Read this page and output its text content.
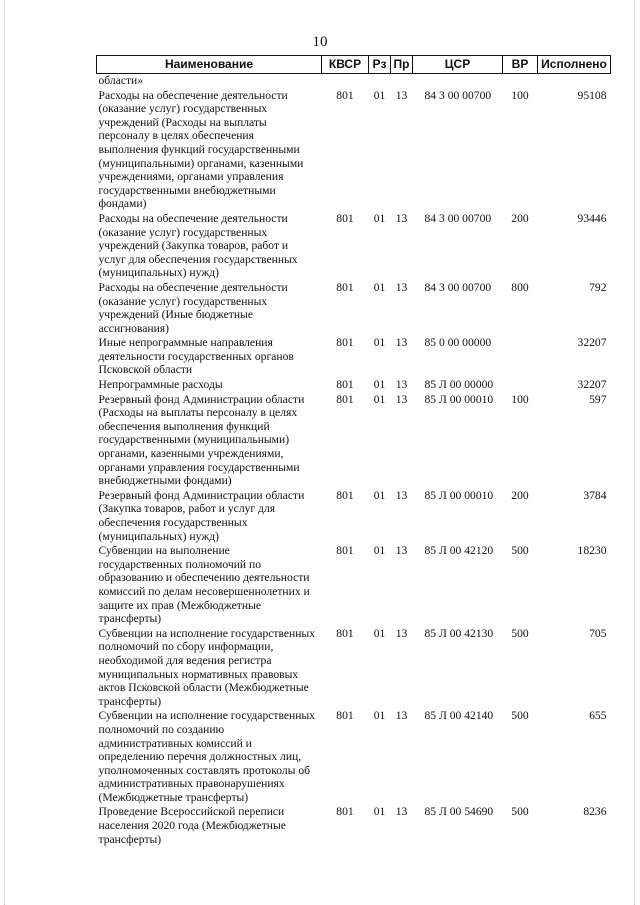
10
Наименование	КВСР	Рз	Пр	ЦСР	ВР	Исполнено
области»						
Расходы на обеспечение деятельности (оказание услуг) государственных учреждений (Расходы на выплаты персоналу в целях обеспечения выполнения функций государственными (муниципальными) органами, казенными учреждениями, органами управления государственными внебюджетными фондами)	801	01	13	84 3 00 00700	100	95108
Расходы на обеспечение деятельности (оказание услуг) государственных учреждений (Закупка товаров, работ и услуг для обеспечения государственных (муниципальных) нужд)	801	01	13	84 3 00 00700	200	93446
Расходы на обеспечение деятельности (оказание услуг) государственных учреждений (Иные бюджетные ассигнования)	801	01	13	84 3 00 00700	800	792
Иные непрограммные направления деятельности государственных органов Псковской области	801	01	13	85 0 00 00000		32207
Непрограммные расходы	801	01	13	85 Л 00 00000		32207
Резервный фонд Администрации области (Расходы на выплаты персоналу в целях обеспечения выполнения функций государственными (муниципальными) органами, казенными учреждениями, органами управления государственными внебюджетными фондами)	801	01	13	85 Л 00 00010	100	597
Резервный фонд Администрации области (Закупка товаров, работ и услуг для обеспечения государственных (муниципальных) нужд)	801	01	13	85 Л 00 00010	200	3784
Субвенции на выполнение государственных полномочий по образованию и обеспечению деятельности комиссий по делам несовершеннолетних и защите их прав (Межбюджетные трансферты)	801	01	13	85 Л 00 42120	500	18230
Субвенции на исполнение государственных полномочий по сбору информации, необходимой для ведения регистра муниципальных нормативных правовых актов Псковской области (Межбюджетные трансферты)	801	01	13	85 Л 00 42130	500	705
Субвенции на исполнение государственных полномочий по созданию административных комиссий и определению перечня должностных лиц, уполномоченных составлять протоколы об административных правонарушениях (Межбюджетные трансферты)	801	01	13	85 Л 00 42140	500	655
Проведение Всероссийской переписи населения 2020 года (Межбюджетные трансферты)	801	01	13	85 Л 00 54690	500	8236
